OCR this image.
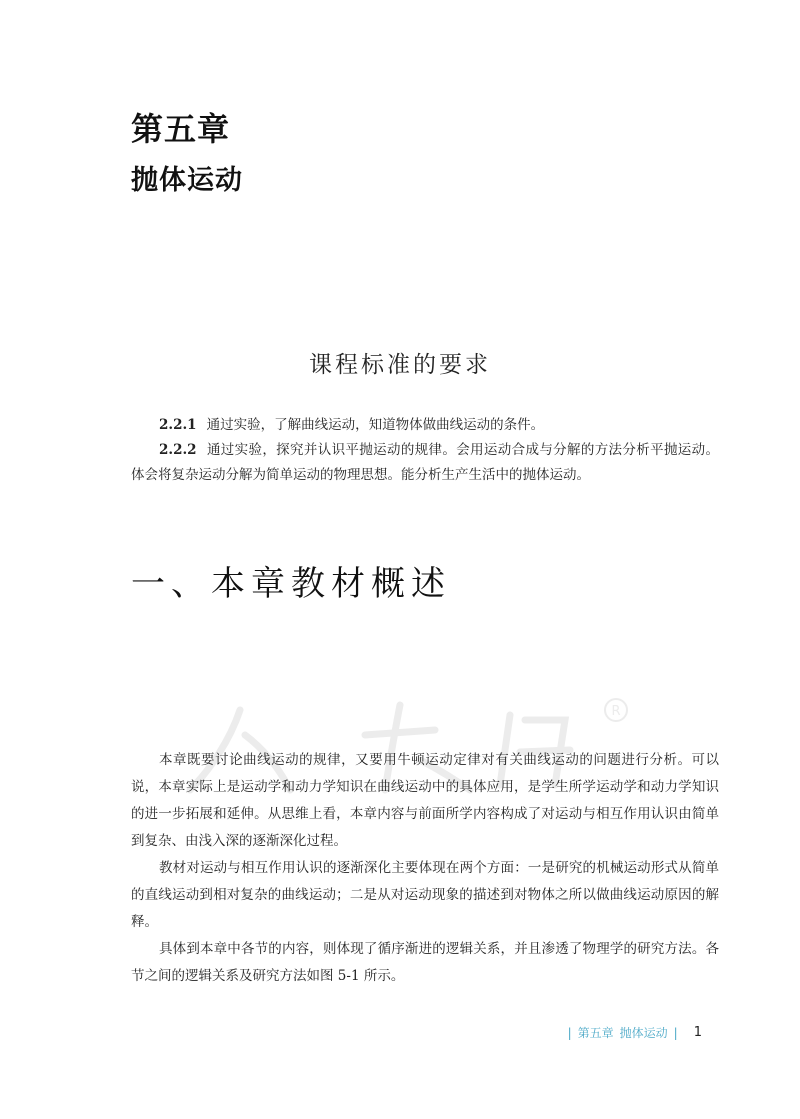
第五章
抛体运动
课程标准的要求

2.2.1 通过实验，了解曲线运动，知道物体做曲线运动的条件。

2.2.2 通过实验，探究并认识平抛运动的规律。会用运动合成与分解的方法分析平抛运动。体会将复杂运动分解为简单运动的物理思想。能分析生产生活中的抛体运动。

一、本章教材概述
R

本章既要讨论曲线运动的规律，又要用牛顿运动定律对有关曲线运动的问题进行分析。可以说，本章实际上是运动学和动力学知识在曲线运动中的具体应用，是学生所学运动学和动力学知识的进一步拓展和延伸。从思维上看，本章内容与前面所学内容构成了对运动与相互作用认识由简单到复杂、由浅入深的逐渐深化过程。

教材对运动与相互作用认识的逐渐深化主要体现在两个方面：一是研究的机械运动形式从简单的直线运动到相对复杂的曲线运动；二是从对运动现象的描述到对物体之所以做曲线运动原因的解释。

具体到本章中各节的内容，则体现了循序渐进的逻辑关系，并且渗透了物理学的研究方法。各节之间的逻辑关系及研究方法如图 5-1 所示。

| 第五章 抛体运动 | 1
